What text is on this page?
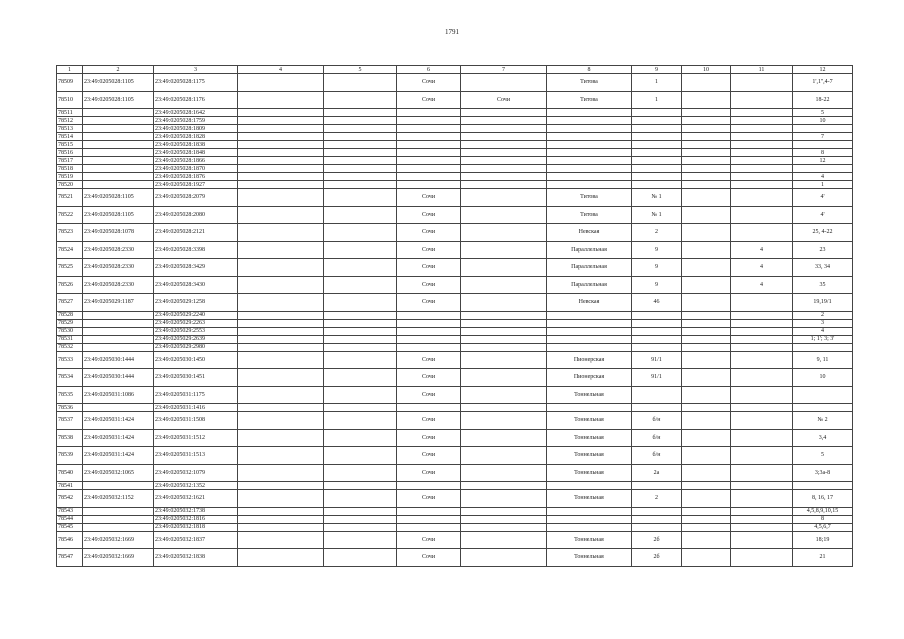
1791
1	2	3	4	5	6	7	8	9	10	11	12
78509	23:49:0205028:1105	23:49:0205028:1175			Сочи		Титова	1			1',1'',4-7
78510	23:49:0205028:1105	23:49:0205028:1176			Сочи	Сочи	Титова	1			18-22
78511		23:49:0205028:1642									5
78512		23:49:0205028:1759									10
78513		23:49:0205028:1809									
78514		23:49:0205028:1828									7
78515		23:49:0205028:1838									
78516		23:49:0205028:1848									8
78517		23:49:0205028:1866									12
78518		23:49:0205028:1870									
78519		23:49:0205028:1876									4
78520		23:49:0205028:1927									1
78521	23:49:0205028:1105	23:49:0205028:2079			Сочи		Титова	№ 1			4'
78522	23:49:0205028:1105	23:49:0205028:2080			Сочи		Титова	№ 1			4'
78523	23:49:0205028:1078	23:49:0205028:2121			Сочи		Невская	2			25, 4-22
78524	23:49:0205028:2330	23:49:0205028:3398			Сочи		Параллельная	9		4	23
78525	23:49:0205028:2330	23:49:0205028:3429			Сочи		Параллельная	9		4	33, 34
78526	23:49:0205028:2330	23:49:0205028:3430			Сочи		Параллельная	9		4	35
78527	23:49:0205029:1187	23:49:0205029:1258			Сочи		Невская	46			19,19/1
78528		23:49:0205029:2240									2
78529		23:49:0205029:2263									3
78530		23:49:0205029:2553									4
78531		23:49:0205029:2639									1; 1'; 3; 3'
78532		23:49:0205029:2980									
78533	23:49:0205030:1444	23:49:0205030:1450			Сочи		Пионерская	91/1			9, 11
78534	23:49:0205030:1444	23:49:0205030:1451			Сочи		Пионерская	91/1			10
78535	23:49:0205031:1086	23:49:0205031:1175			Сочи		Тоннельная				
78536		23:49:0205031:1416									
78537	23:49:0205031:1424	23:49:0205031:1508			Сочи		Тоннельная	б/н			№ 2
78538	23:49:0205031:1424	23:49:0205031:1512			Сочи		Тоннельная	б/н			3,4
78539	23:49:0205031:1424	23:49:0205031:1513			Сочи		Тоннельная	б/н			5
78540	23:49:0205032:1065	23:49:0205032:1079			Сочи		Тоннельная	2а			3;3а-8
78541		23:49:0205032:1352									
78542	23:49:0205032:1152	23:49:0205032:1621			Сочи		Тоннельная	2			8, 16, 17
78543		23:49:0205032:1738									4,5,8,9,10,15
78544		23:49:0205032:1816									8
78545		23:49:0205032:1818									4,5,6,7
78546	23:49:0205032:1669	23:49:0205032:1837			Сочи		Тоннельная	2б			18;19
78547	23:49:0205032:1669	23:49:0205032:1838			Сочи		Тоннельная	2б			21
